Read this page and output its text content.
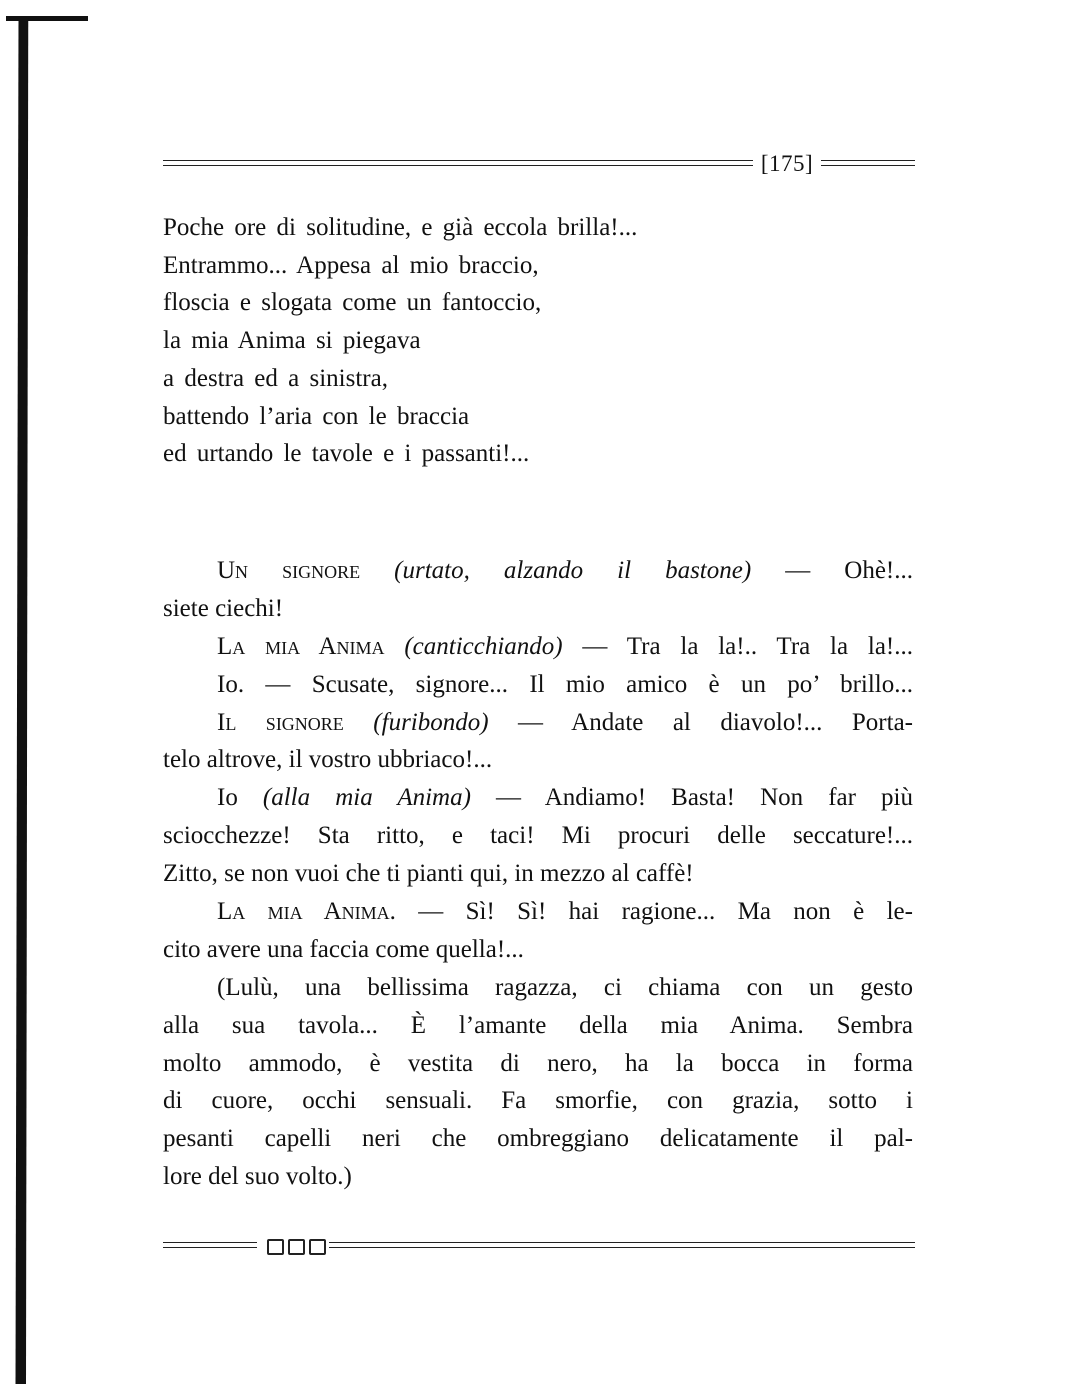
[175]
Poche ore di solitudine, e già eccola brilla!...
Entrammo... Appesa al mio braccio,
floscia e slogata come un fantoccio,
la mia Anima si piegava
a destra ed a sinistra,
battendo l’aria con le braccia
ed urtando le tavole e i passanti!...
Un signore (urtato, alzando il bastone) — Ohè!...
siete ciechi!
La mia Anima (canticchiando) — Tra la la!.. Tra la la!...
Io. — Scusate, signore... Il mio amico è un po’ brillo...
Il signore (furibondo) — Andate al diavolo!... Porta-
telo altrove, il vostro ubbriaco!...
Io (alla mia Anima) — Andiamo! Basta! Non far più
sciocchezze! Sta ritto, e taci! Mi procuri delle seccature!...
Zitto, se non vuoi che ti pianti qui, in mezzo al caffè!
La mia Anima. — Sì! Sì! hai ragione... Ma non è le-
cito avere una faccia come quella!...
(Lulù, una bellissima ragazza, ci chiama con un gesto
alla sua tavola... È l’amante della mia Anima. Sembra
molto ammodo, è vestita di nero, ha la bocca in forma
di cuore, occhi sensuali. Fa smorfie, con grazia, sotto i
pesanti capelli neri che ombreggiano delicatamente il pal-
lore del suo volto.)
